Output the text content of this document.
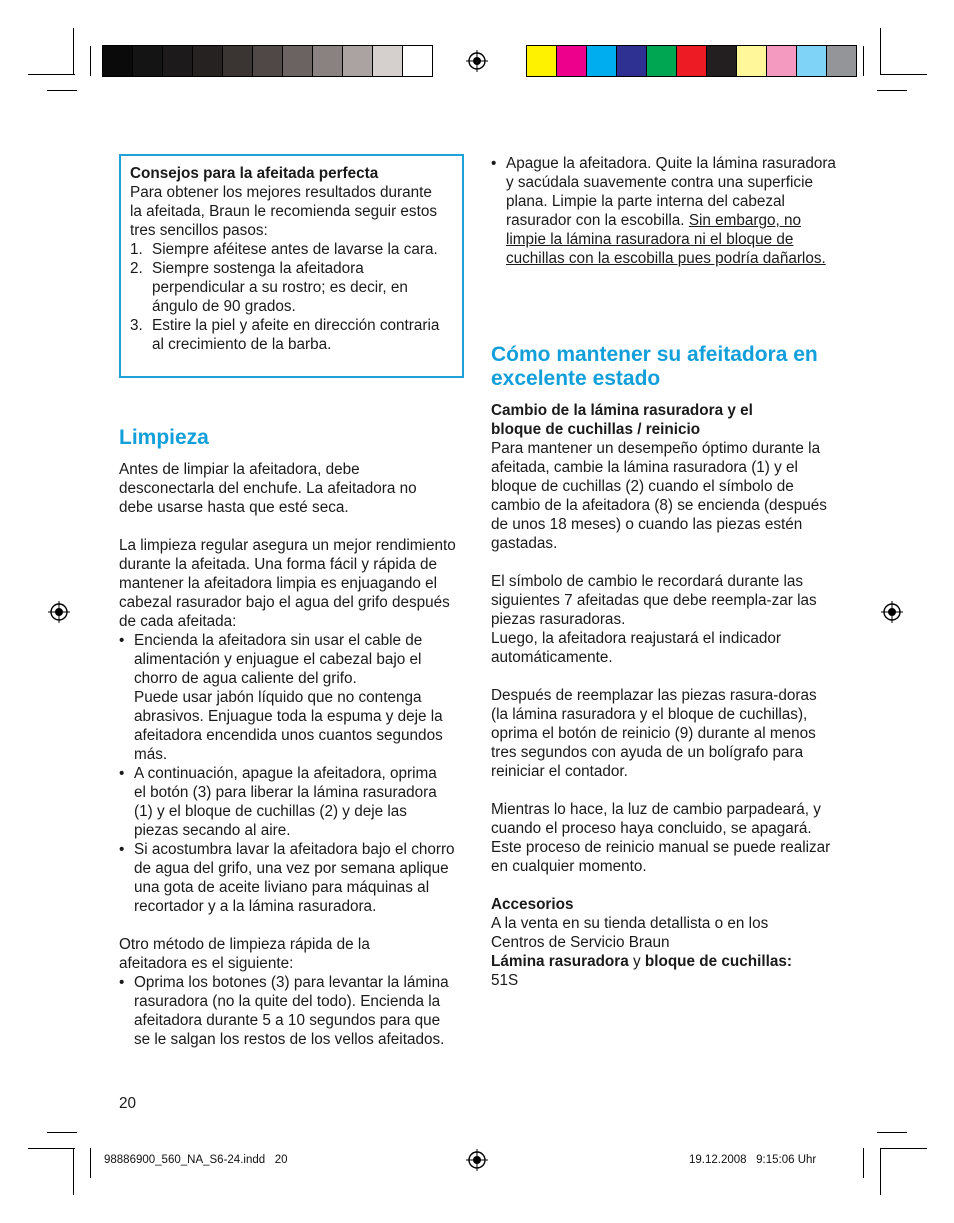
Consejos para la afeitada perfecta
Para obtener los mejores resultados durante la afeitada, Braun le recomienda seguir estos tres sencillos pasos:
1. Siempre aféitese antes de lavarse la cara.
2. Siempre sostenga la afeitadora perpendicular a su rostro; es decir, en ángulo de 90 grados.
3. Estire la piel y afeite en dirección contraria al crecimiento de la barba.
Limpieza

Antes de limpiar la afeitadora, debe desconectarla del enchufe. La afeitadora no debe usarse hasta que esté seca.

La limpieza regular asegura un mejor rendimiento durante la afeitada. Una forma fácil y rápida de mantener la afeitadora limpia es enjuagando el cabezal rasurador bajo el agua del grifo después de cada afeitada:

• Encienda la afeitadora sin usar el cable de alimentación y enjuague el cabezal bajo el chorro de agua caliente del grifo.
Puede usar jabón líquido que no contenga abrasivos. Enjuague toda la espuma y deje la afeitadora encendida unos cuantos segundos más.
• A continuación, apague la afeitadora, oprima el botón (3) para liberar la lámina rasuradora (1) y el bloque de cuchillas (2) y deje las piezas secando al aire.
• Si acostumbra lavar la afeitadora bajo el chorro de agua del grifo, una vez por semana aplique una gota de aceite liviano para máquinas al recortador y a la lámina rasuradora.

Otro método de limpieza rápida de la afeitadora es el siguiente:

• Oprima los botones (3) para levantar la lámina rasuradora (no la quite del todo). Encienda la afeitadora durante 5 a 10 segundos para que se le salgan los restos de los vellos afeitados.
20
• Apague la afeitadora. Quite la lámina rasuradora y sacúdala suavemente contra una superficie plana. Limpie la parte interna del cabezal rasurador con la escobilla. Sin embargo, no limpie la lámina rasuradora ni el bloque de cuchillas con la escobilla pues podría dañarlos.
Cómo mantener su afeitadora en excelente estado

Cambio de la lámina rasuradora y el bloque de cuchillas / reinicio

Para mantener un desempeño óptimo durante la afeitada, cambie la lámina rasuradora (1) y el bloque de cuchillas (2) cuando el símbolo de cambio de la afeitadora (8) se encienda (después de unos 18 meses) o cuando las piezas estén gastadas.

El símbolo de cambio le recordará durante las siguientes 7 afeitadas que debe reempla-zar las piezas rasuradoras.

Luego, la afeitadora reajustará el indicador automáticamente.

Después de reemplazar las piezas rasura-doras (la lámina rasuradora y el bloque de cuchillas), oprima el botón de reinicio (9) durante al menos tres segundos con ayuda de un bolígrafo para reiniciar el contador.

Mientras lo hace, la luz de cambio parpadeará, y cuando el proceso haya concluido, se apagará. Este proceso de reinicio manual se puede realizar en cualquier momento.

Accesorios

A la venta en su tienda detallista o en los Centros de Servicio Braun

Lámina rasuradora y bloque de cuchillas:

51S

98886900_560_NA_S6-24.indd   20	19.12.2008   9:15:06 Uhr
